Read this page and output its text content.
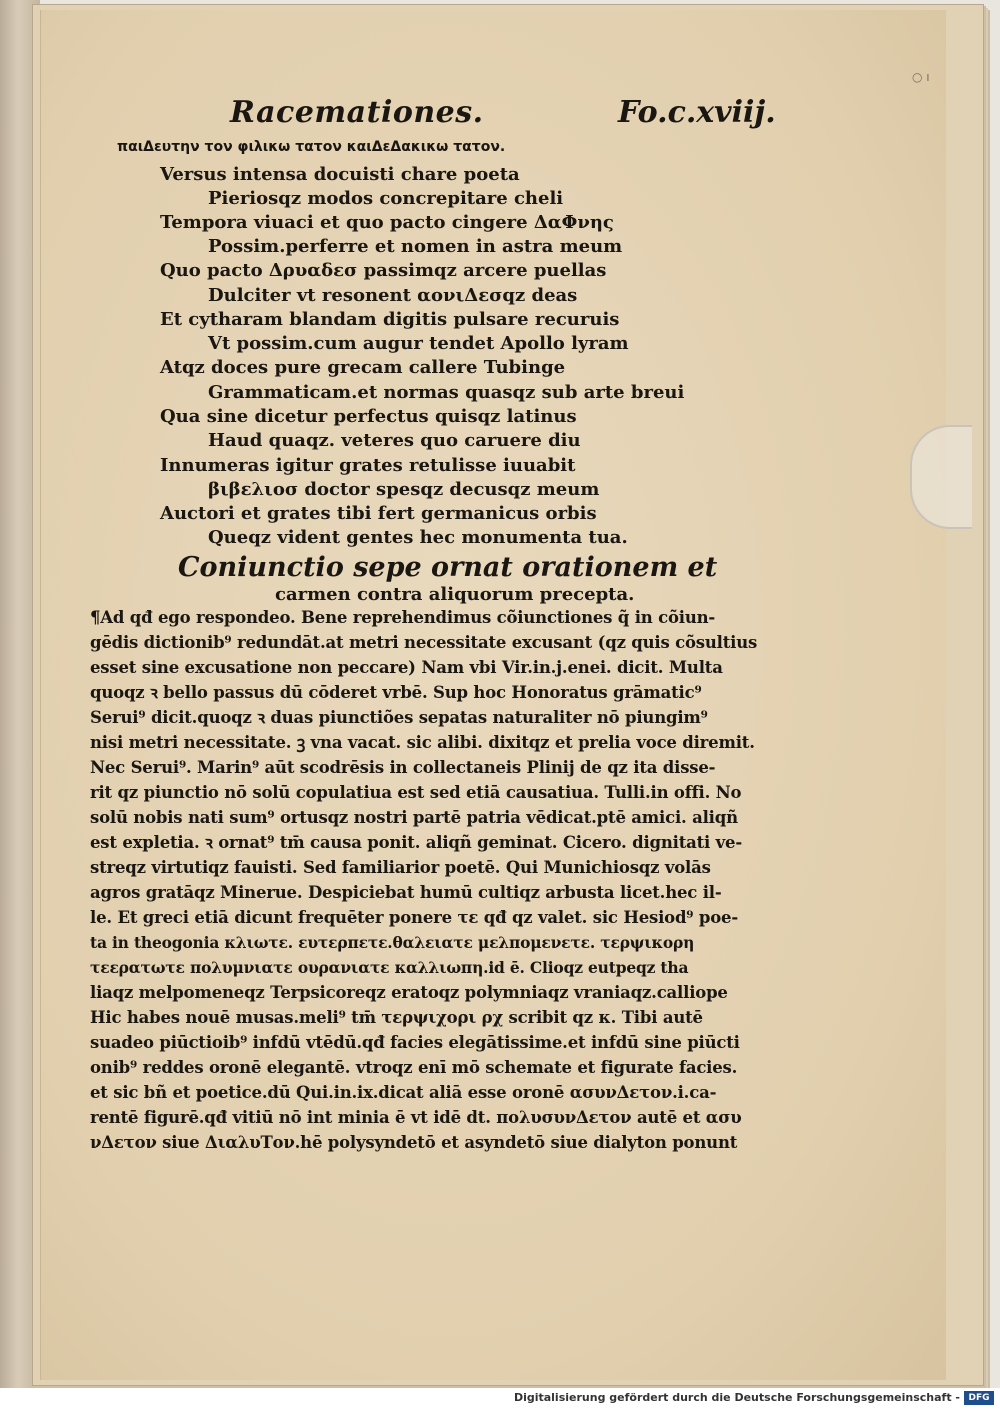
○ ı
Racemationes.	Fo.c.xviij.
παιΔευτην τον φιλικω τατον καιΔεΔακικω τατον.
Versus intensa docuisti chare poeta
Pieriosqz modos concrepitare cheli
Tempora viuaci et quo pacto cingere ΔαΦνης
Possim.perferre et nomen in astra meum
Quo pacto Δρυαδεσ passimqz arcere puellas
Dulciter vt resonent αονιΔεσqz deas
Et cytharam blandam digitis pulsare recuruis
Vt possim.cum augur tendet Apollo lyram
Atqz doces pure grecam callere Tubinge
Grammaticam.et normas quasqz sub arte breui
Qua sine dicetur perfectus quisqz latinus
Haud quaqz. veteres quo caruere diu
Innumeras igitur grates retulisse iuuabit
βιβελιοσ doctor spesqz decusqz meum
Auctori et grates tibi fert germanicus orbis
Queqz vident gentes hec monumenta tua.
Coniunctio sepe ornat orationem et
carmen contra aliquorum precepta.
¶Ad qđ ego respondeo. Bene reprehendimus cõiunctiones q̃ in cõiun-
gēdis dictionib⁹ redundāt.at metri necessitate excusant (qz quis cõsultius
esset sine excusatione non peccare) Nam vbi Vir.in.j.enei. dicit. Multa
quoqz ꝛ bello passus dū cōderet vrbē. Sup hoc Honoratus grāmatic⁹
Serui⁹ dicit.quoqz ꝛ duas piunctiões sepatas naturaliter nō piungim⁹
nisi metri necessitate. ꝫ vna vacat. sic alibi. dixitqz et prelia voce diremit.
Nec Serui⁹. Marin⁹ aūt scodrēsis in collectaneis Plinij de qz ita disse-
rit qz piunctio nō solū copulatiua est sed etiā causatiua. Tulli.in offi. No
solū nobis nati sum⁹ ortusqz nostri partē patria vēdicat.ptē amici. aliqñ
est expletia. ꝛ ornat⁹ tm̄ causa ponit. aliqñ geminat. Cicero. dignitati ve-
streqz virtutiqz fauisti. Sed familiarior poetē. Qui Munichiosqz volās
agros gratāqz Minerue. Despiciebat humū cultiqz arbusta licet.hec il-
le. Et greci etiā dicunt frequēter ponere τε qđ qz valet. sic Hesiod⁹ poe-
ta in theogonia κλιωτε. ευτερπετε.θαλειατε μελπομενετε. τερψικορη
τεερατωτε πολυμνιατε ουρανιατε καλλιωπη.id ē. Clioqz eutpeqz tha
liaqz melpomeneqz Terpsicoreqz eratoqz polymniaqz vraniaqz.calliope
Hic habes nouē musas.meli⁹ tm̄ τερψιχορι ρχ scribit qz κ. Tibi autē
suadeo piūctioib⁹ infdū vtēdū.qđ facies elegātissime.et infdū sine piūcti
onib⁹ reddes oronē elegantē. vtroqz enī mō schemate et figurate facies.
et sic bñ et poetice.dū Qui.in.ix.dicat aliā esse oronē ασυνΔετον.i.ca-
rentē figurē.qđ vitiū nō int minia ē vt idē dt. πολυσυνΔετον autē et ασυ
νΔετον siue ΔιαλυΤον.hē polysyndetō et asyndetō siue dialyton ponunt
Digitalisierung gefördert durch die Deutsche Forschungsgemeinschaft - DFG
